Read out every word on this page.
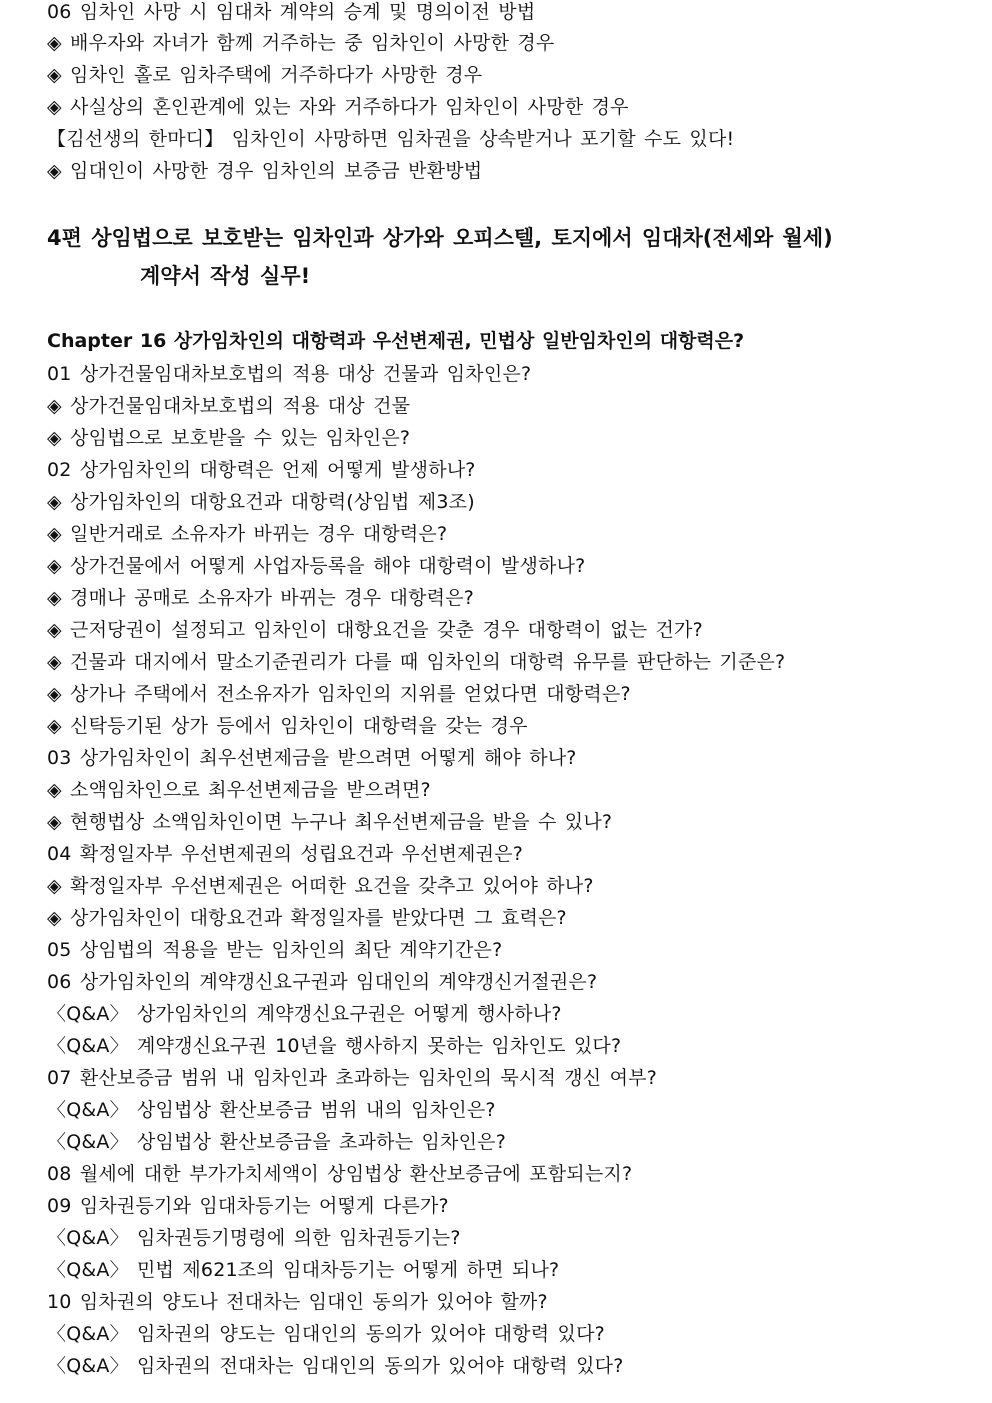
06 임차인 사망 시 임대차 계약의 승계 및 명의이전 방법
◈ 배우자와 자녀가 함께 거주하는 중 임차인이 사망한 경우
◈ 임차인 홀로 임차주택에 거주하다가 사망한 경우
◈ 사실상의 혼인관계에 있는 자와 거주하다가 임차인이 사망한 경우
【김선생의 한마디】 임차인이 사망하면 임차권을 상속받거나 포기할 수도 있다!
◈ 임대인이 사망한 경우 임차인의 보증금 반환방법
4편 상임법으로 보호받는 임차인과 상가와 오피스텔, 토지에서 임대차(전세와 월세)
계약서 작성 실무!
Chapter 16 상가임차인의 대항력과 우선변제권, 민법상 일반임차인의 대항력은?
01 상가건물임대차보호법의 적용 대상 건물과 임차인은?
◈ 상가건물임대차보호법의 적용 대상 건물
◈ 상임법으로 보호받을 수 있는 임차인은?
02 상가임차인의 대항력은 언제 어떻게 발생하나?
◈ 상가임차인의 대항요건과 대항력(상임법 제3조)
◈ 일반거래로 소유자가 바뀌는 경우 대항력은?
◈ 상가건물에서 어떻게 사업자등록을 해야 대항력이 발생하나?
◈ 경매나 공매로 소유자가 바뀌는 경우 대항력은?
◈ 근저당권이 설정되고 임차인이 대항요건을 갖춘 경우 대항력이 없는 건가?
◈ 건물과 대지에서 말소기준권리가 다를 때 임차인의 대항력 유무를 판단하는 기준은?
◈ 상가나 주택에서 전소유자가 임차인의 지위를 얻었다면 대항력은?
◈ 신탁등기된 상가 등에서 임차인이 대항력을 갖는 경우
03 상가임차인이 최우선변제금을 받으려면 어떻게 해야 하나?
◈ 소액임차인으로 최우선변제금을 받으려면?
◈ 현행법상 소액임차인이면 누구나 최우선변제금을 받을 수 있나?
04 확정일자부 우선변제권의 성립요건과 우선변제권은?
◈ 확정일자부 우선변제권은 어떠한 요건을 갖추고 있어야 하나?
◈ 상가임차인이 대항요건과 확정일자를 받았다면 그 효력은?
05 상임법의 적용을 받는 임차인의 최단 계약기간은?
06 상가임차인의 계약갱신요구권과 임대인의 계약갱신거절권은?
〈Q&A〉 상가임차인의 계약갱신요구권은 어떻게 행사하나?
〈Q&A〉 계약갱신요구권 10년을 행사하지 못하는 임차인도 있다?
07 환산보증금 범위 내 임차인과 초과하는 임차인의 묵시적 갱신 여부?
〈Q&A〉 상임법상 환산보증금 범위 내의 임차인은?
〈Q&A〉 상임법상 환산보증금을 초과하는 임차인은?
08 월세에 대한 부가가치세액이 상임법상 환산보증금에 포함되는지?
09 임차권등기와 임대차등기는 어떻게 다른가?
〈Q&A〉 임차권등기명령에 의한 임차권등기는?
〈Q&A〉 민법 제621조의 임대차등기는 어떻게 하면 되나?
10 임차권의 양도나 전대차는 임대인 동의가 있어야 할까?
〈Q&A〉 임차권의 양도는 임대인의 동의가 있어야 대항력 있다?
〈Q&A〉 임차권의 전대차는 임대인의 동의가 있어야 대항력 있다?
